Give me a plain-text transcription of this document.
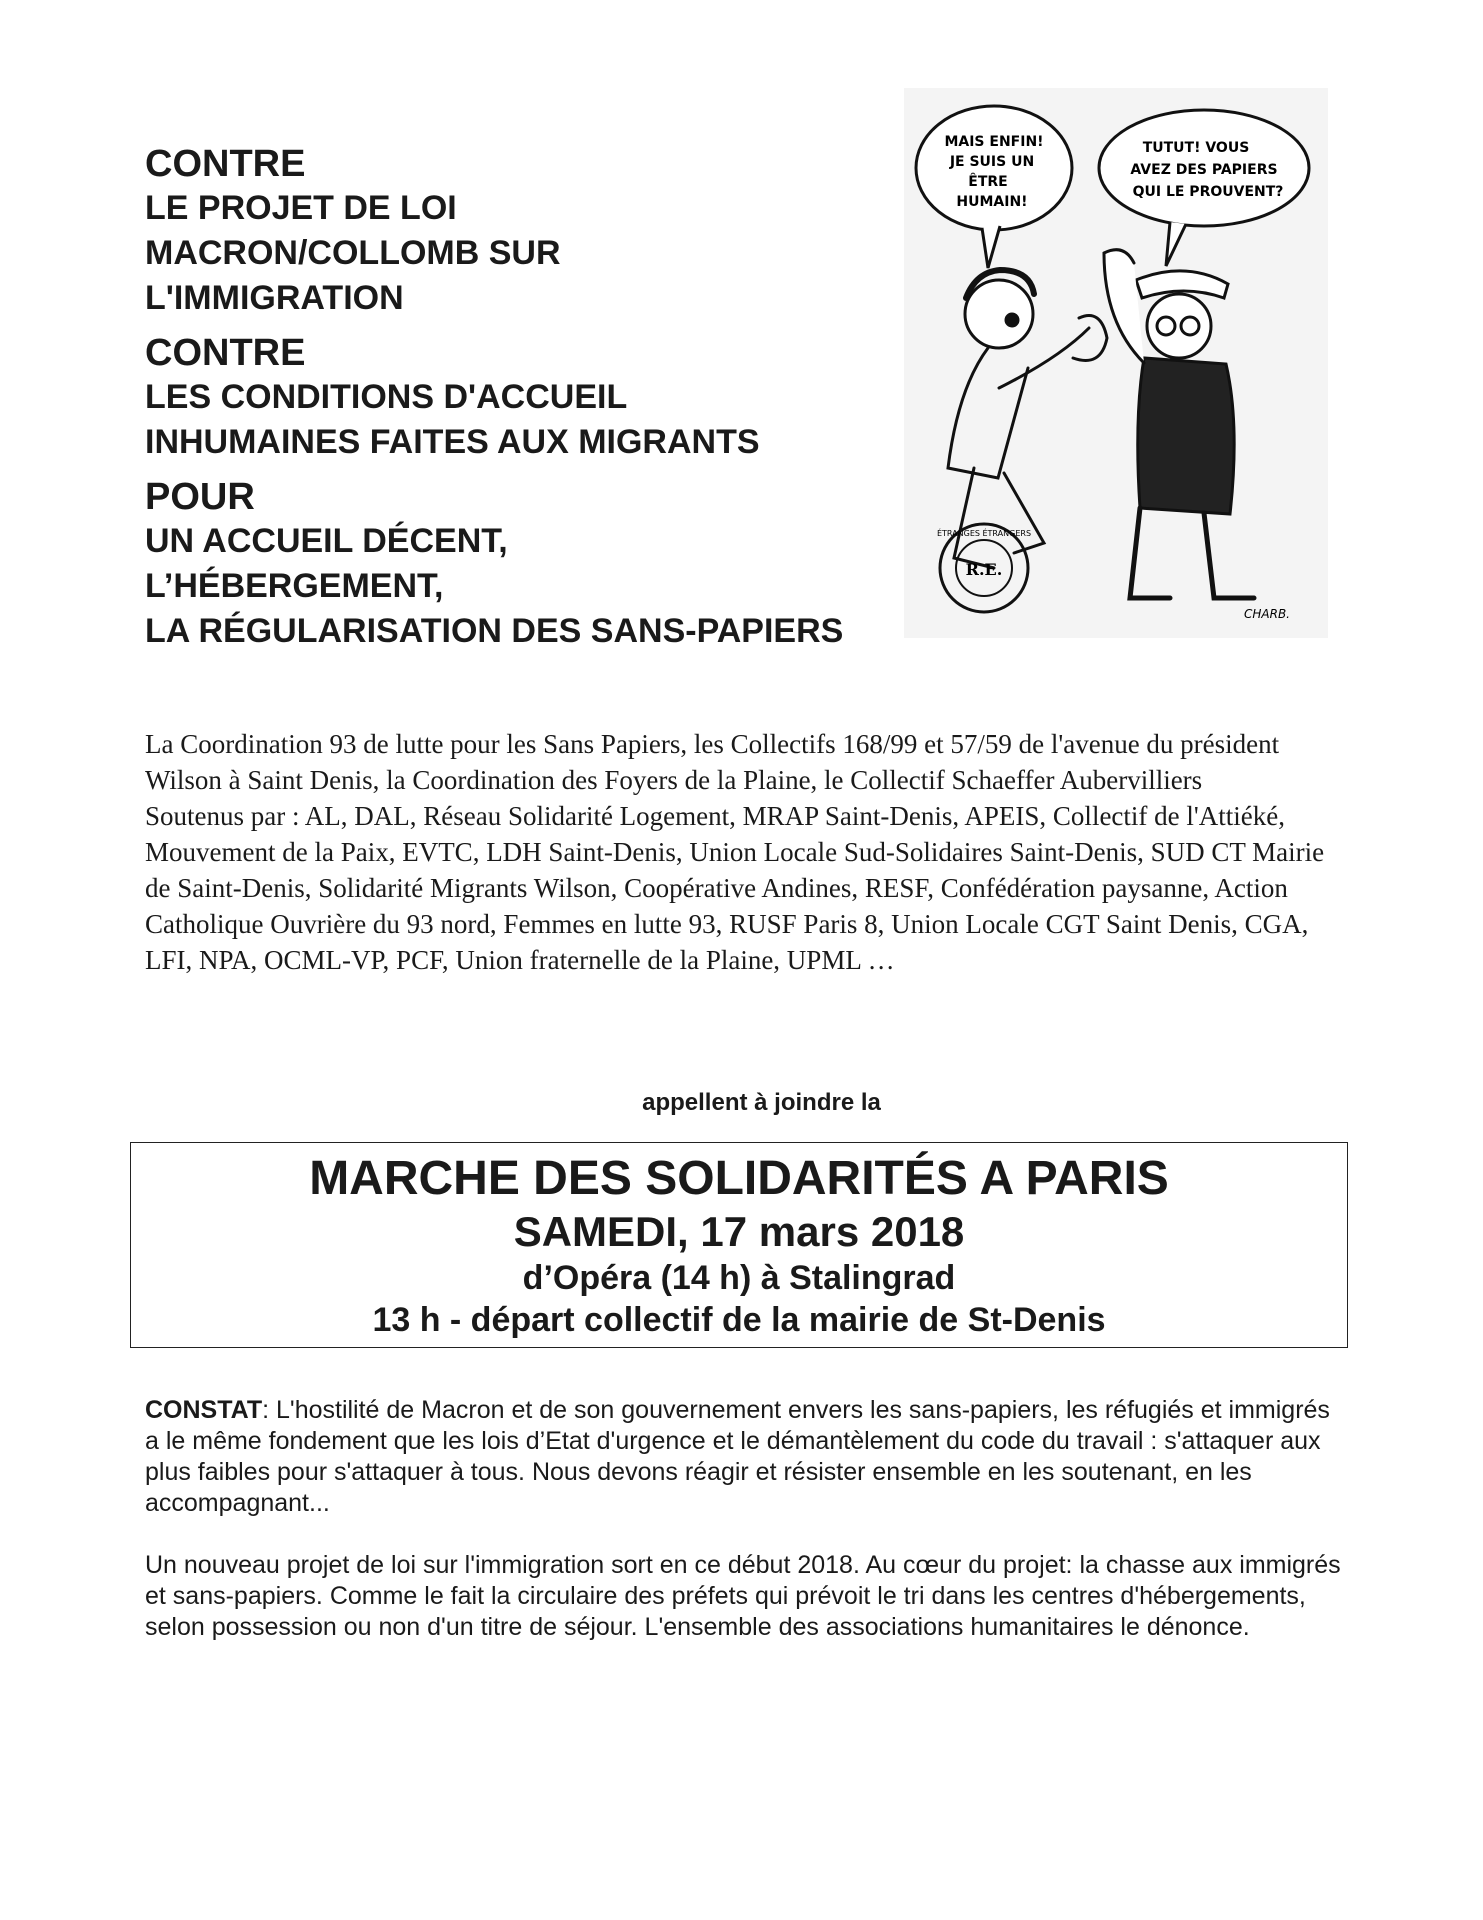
CONTRE
LE PROJET DE LOI
MACRON/COLLOMB SUR
L'IMMIGRATION
CONTRE
LES CONDITIONS D'ACCUEIL
INHUMAINES FAITES AUX MIGRANTS
POUR
UN ACCUEIL DÉCENT,
L’HÉBERGEMENT,
LA RÉGULARISATION DES SANS-PAPIERS
MAIS ENFIN!
JE SUIS UN
ÊTRE
HUMAIN!
TUTUT! VOUS
AVEZ DES PAPIERS
QUI LE PROUVENT?
R.E.
ÉTRANGES ÉTRANGERS
CHARB.

La Coordination 93 de lutte pour les Sans Papiers, les Collectifs 168/99 et 57/59 de l'avenue du président Wilson à Saint Denis, la Coordination des Foyers de la Plaine, le Collectif Schaeffer Aubervilliers

Soutenus par : AL, DAL, Réseau Solidarité Logement, MRAP Saint-Denis, APEIS, Collectif de l'Attiéké, Mouvement de la Paix, EVTC, LDH Saint-Denis, Union Locale Sud-Solidaires Saint-Denis, SUD CT Mairie de Saint-Denis, Solidarité Migrants Wilson, Coopérative Andines, RESF, Confédération paysanne, Action Catholique Ouvrière du 93 nord, Femmes en lutte 93, RUSF Paris 8, Union Locale CGT Saint Denis, CGA, LFI, NPA, OCML-VP, PCF, Union fraternelle de la Plaine, UPML …

appellent à joindre la
MARCHE DES SOLIDARITÉS A PARIS
SAMEDI, 17 mars 2018
d’Opéra (14 h) à Stalingrad
13 h - départ collectif de la mairie de St-Denis

CONSTAT: L'hostilité de Macron et de son gouvernement envers les sans-papiers, les réfugiés et immigrés a le même fondement que les lois d’Etat d'urgence et le démantèlement du code du travail : s'attaquer aux plus faibles pour s'attaquer à tous. Nous devons réagir et résister ensemble en les soutenant, en les accompagnant...

Un nouveau projet de loi sur l'immigration sort en ce début 2018. Au cœur du projet: la chasse aux immigrés et sans-papiers. Comme le fait la circulaire des préfets qui prévoit le tri dans les centres d'hébergements, selon possession ou non d'un titre de séjour. L'ensemble des associations humanitaires le dénonce.
